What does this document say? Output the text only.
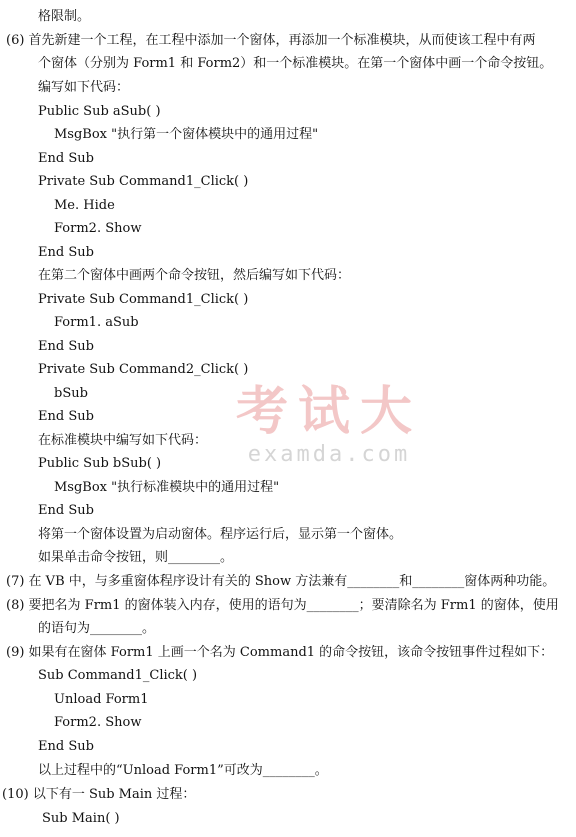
格限制。
(6) 首先新建一个工程，在工程中添加一个窗体，再添加一个标准模块，从而使该工程中有两
个窗体（分别为 Form1 和 Form2）和一个标准模块。在第一个窗体中画一个命令按钮。
编写如下代码：
Public Sub aSub( )
MsgBox "执行第一个窗体模块中的通用过程"
End Sub
Private Sub Command1_Click( )
Me. Hide
Form2. Show
End Sub
在第二个窗体中画两个命令按钮，然后编写如下代码：
Private Sub Command1_Click( )
Form1. aSub
End Sub
Private Sub Command2_Click( )
bSub
End Sub
在标准模块中编写如下代码：
Public Sub bSub( )
MsgBox "执行标准模块中的通用过程"
End Sub
将第一个窗体设置为启动窗体。程序运行后，显示第一个窗体。
如果单击命令按钮，则________。
(7) 在 VB 中，与多重窗体程序设计有关的 Show 方法兼有________和________窗体两种功能。
(8) 要把名为 Frm1 的窗体装入内存，使用的语句为________；要清除名为 Frm1 的窗体，使用
的语句为________。
(9) 如果有在窗体 Form1 上画一个名为 Command1 的命令按钮，该命令按钮事件过程如下：
Sub Command1_Click( )
Unload Form1
Form2. Show
End Sub
以上过程中的“Unload Form1”可改为________。
(10) 以下有一 Sub Main 过程：
Sub Main( )
考试大
examda.com
